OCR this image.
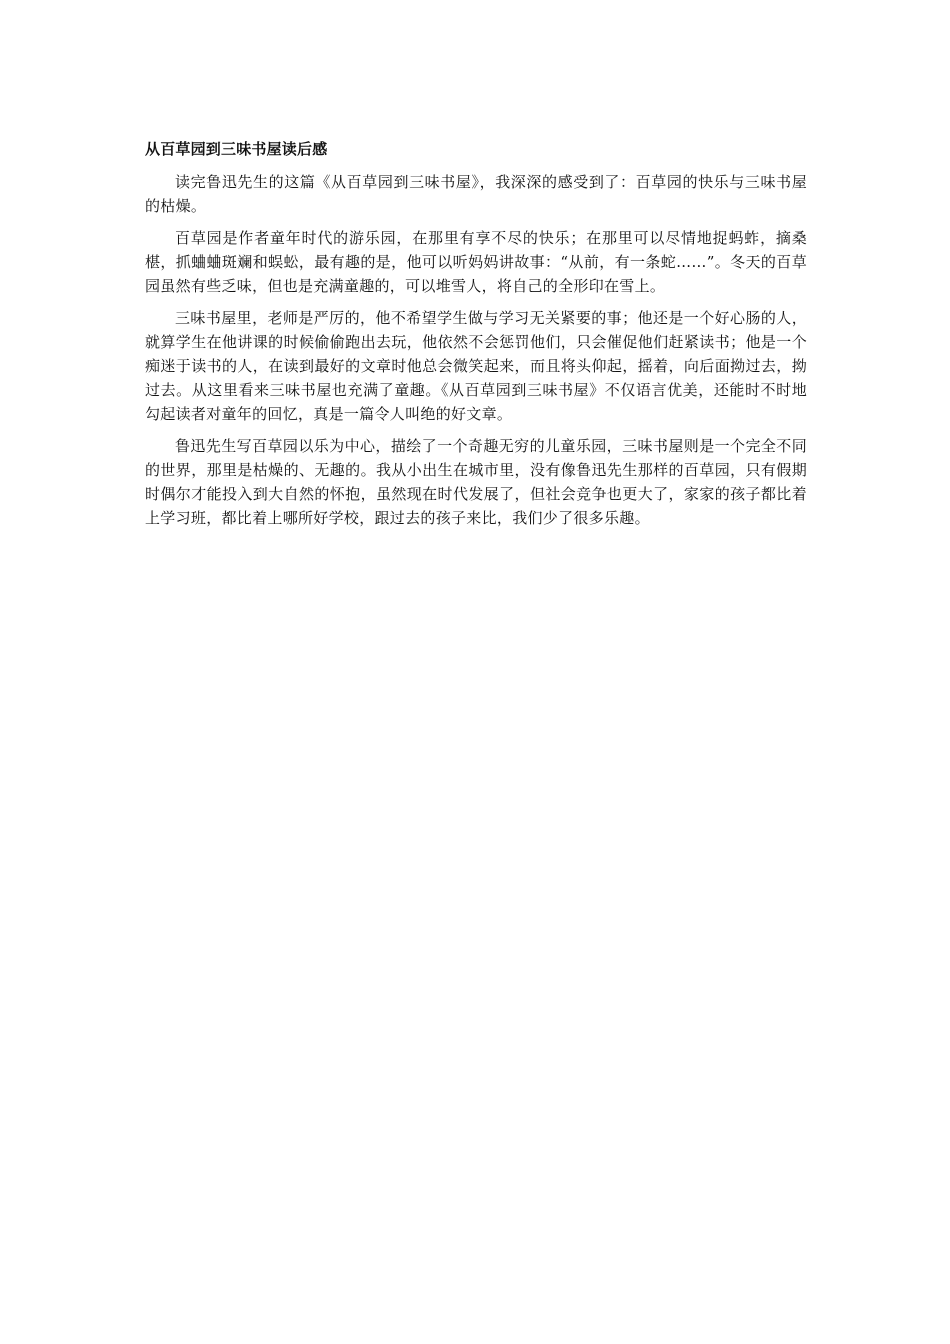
从百草园到三味书屋读后感

读完鲁迅先生的这篇《从百草园到三味书屋》，我深深的感受到了：百草园的快乐与三味书屋的枯燥。

百草园是作者童年时代的游乐园，在那里有享不尽的快乐；在那里可以尽情地捉蚂蚱，摘桑椹，抓蛐蛐斑斓和蜈蚣，最有趣的是，他可以听妈妈讲故事：“从前，有一条蛇……”。冬天的百草园虽然有些乏味，但也是充满童趣的，可以堆雪人，将自己的全形印在雪上。

三味书屋里，老师是严厉的，他不希望学生做与学习无关紧要的事；他还是一个好心肠的人，就算学生在他讲课的时候偷偷跑出去玩，他依然不会惩罚他们，只会催促他们赶紧读书；他是一个痴迷于读书的人，在读到最好的文章时他总会微笑起来，而且将头仰起，摇着，向后面拗过去，拗过去。从这里看来三味书屋也充满了童趣。《从百草园到三味书屋》不仅语言优美，还能时不时地勾起读者对童年的回忆，真是一篇令人叫绝的好文章。

鲁迅先生写百草园以乐为中心，描绘了一个奇趣无穷的儿童乐园，三味书屋则是一个完全不同的世界，那里是枯燥的、无趣的。我从小出生在城市里，没有像鲁迅先生那样的百草园，只有假期时偶尔才能投入到大自然的怀抱，虽然现在时代发展了，但社会竞争也更大了，家家的孩子都比着上学习班，都比着上哪所好学校，跟过去的孩子来比，我们少了很多乐趣。
